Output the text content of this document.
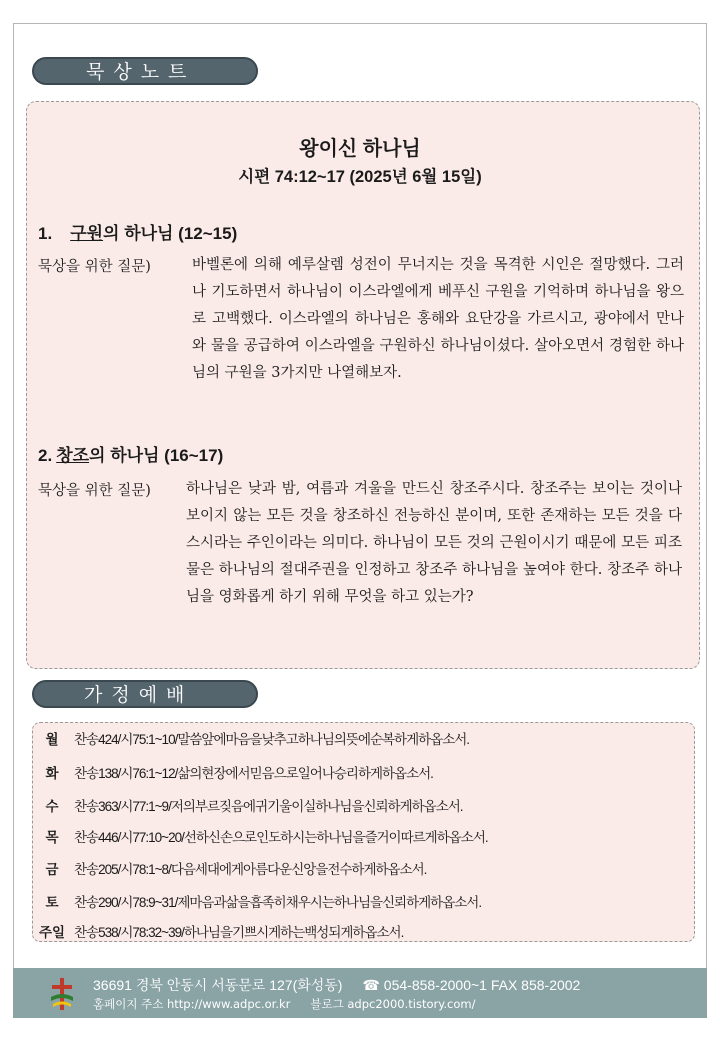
묵상노트
왕이신 하나님
시편 74:12~17 (2025년 6월 15일)
1. 구원의 하나님 (12~15)
묵상을 위한 질문)	바벨론에 의해 예루살렘 성전이 무너지는 것을 목격한 시인은 절망했다. 그러나 기도하면서 하나님이 이스라엘에게 베푸신 구원을 기억하며 하나님을 왕으로 고백했다. 이스라엘의 하나님은 홍해와 요단강을 가르시고, 광야에서 만나와 물을 공급하여 이스라엘을 구원하신 하나님이셨다. 살아오면서 경험한 하나님의 구원을 3가지만 나열해보자.
2. 창조의 하나님 (16~17)
묵상을 위한 질문) 하나님은 낮과 밤, 여름과 겨울을 만드신 창조주시다. 창조주는 보이는 것이나 보이지 않는 모든 것을 창조하신 전능하신 분이며, 또한 존재하는 모든 것을 다스시라는 주인이라는 의미다. 하나님이 모든 것의 근원이시기 때문에 모든 피조물은 하나님의 절대주권을 인정하고 창조주 하나님을 높여야 한다. 창조주 하나님을 영화롭게 하기 위해 무엇을 하고 있는가?
가정예배
월	찬송424/시75:1~10/말씀앞에마음을낮추고하나님의뜻에순복하게하옵소서.
화	찬송138/시76:1~12/삶의현장에서믿음으로일어나승리하게하옵소서.
수	찬송363/시77:1~9/저의부르짖음에귀기울이실하나님을신뢰하게하옵소서.
목	찬송446/시77:10~20/선하신손으로인도하시는하나님을즐거이따르게하옵소서.
금	찬송205/시78:1~8/다음세대에게아름다운신앙을전수하게하옵소서.
토	찬송290/시78:9~31/제마음과삶을흡족히채우시는하나님을신뢰하게하옵소서.
주일 찬송538/시78:32~39/하나님을기쁘시게하는백성되게하옵소서.
36691 경북 안동시 서동문로 127(화성동) ☎ 054-858-2000~1 FAX 858-2002
홈페이지 주소 http://www.adpc.or.kr 블로그 adpc2000.tistory.com/
